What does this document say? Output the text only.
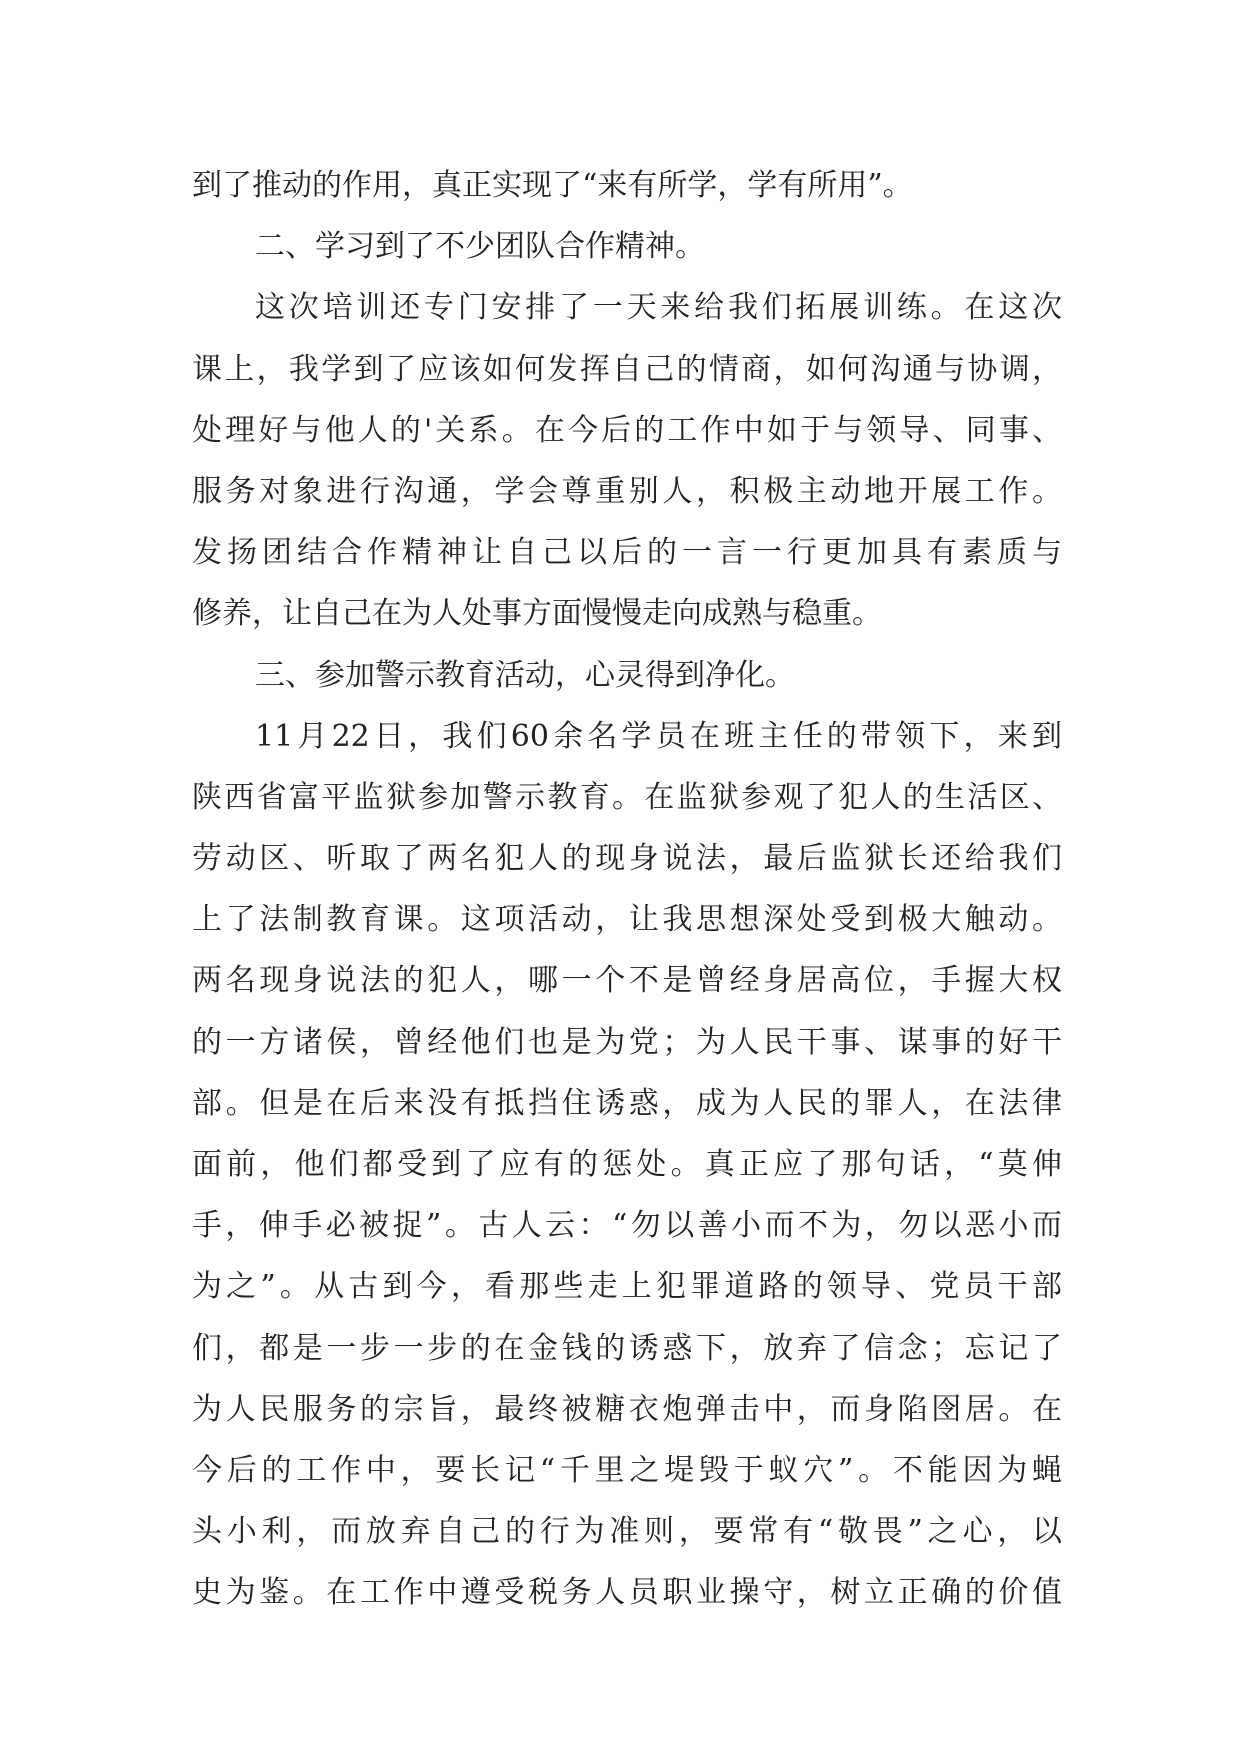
到了推动的作用，真正实现了“来有所学，学有所用”。
二、学习到了不少团队合作精神。
这次培训还专门安排了一天来给我们拓展训练。在这次
课上，我学到了应该如何发挥自己的情商，如何沟通与协调，
处理好与他人的'关系。在今后的工作中如于与领导、同事、
服务对象进行沟通，学会尊重别人，积极主动地开展工作。
发扬团结合作精神让自己以后的一言一行更加具有素质与
修养，让自己在为人处事方面慢慢走向成熟与稳重。
三、参加警示教育活动，心灵得到净化。
11月22日，我们60余名学员在班主任的带领下，来到
陕西省富平监狱参加警示教育。在监狱参观了犯人的生活区、
劳动区、听取了两名犯人的现身说法，最后监狱长还给我们
上了法制教育课。这项活动，让我思想深处受到极大触动。
两名现身说法的犯人，哪一个不是曾经身居高位，手握大权
的一方诸侯，曾经他们也是为党；为人民干事、谋事的好干
部。但是在后来没有抵挡住诱惑，成为人民的罪人，在法律
面前，他们都受到了应有的惩处。真正应了那句话，“莫伸
手，伸手必被捉”。古人云：“勿以善小而不为，勿以恶小而
为之”。从古到今，看那些走上犯罪道路的领导、党员干部
们，都是一步一步的在金钱的诱惑下，放弃了信念；忘记了
为人民服务的宗旨，最终被糖衣炮弹击中，而身陷囹居。在
今后的工作中，要长记“千里之堤毁于蚁穴”。不能因为蝇
头小利，而放弃自己的行为准则，要常有“敬畏”之心，以
史为鉴。在工作中遵受税务人员职业操守，树立正确的价值
